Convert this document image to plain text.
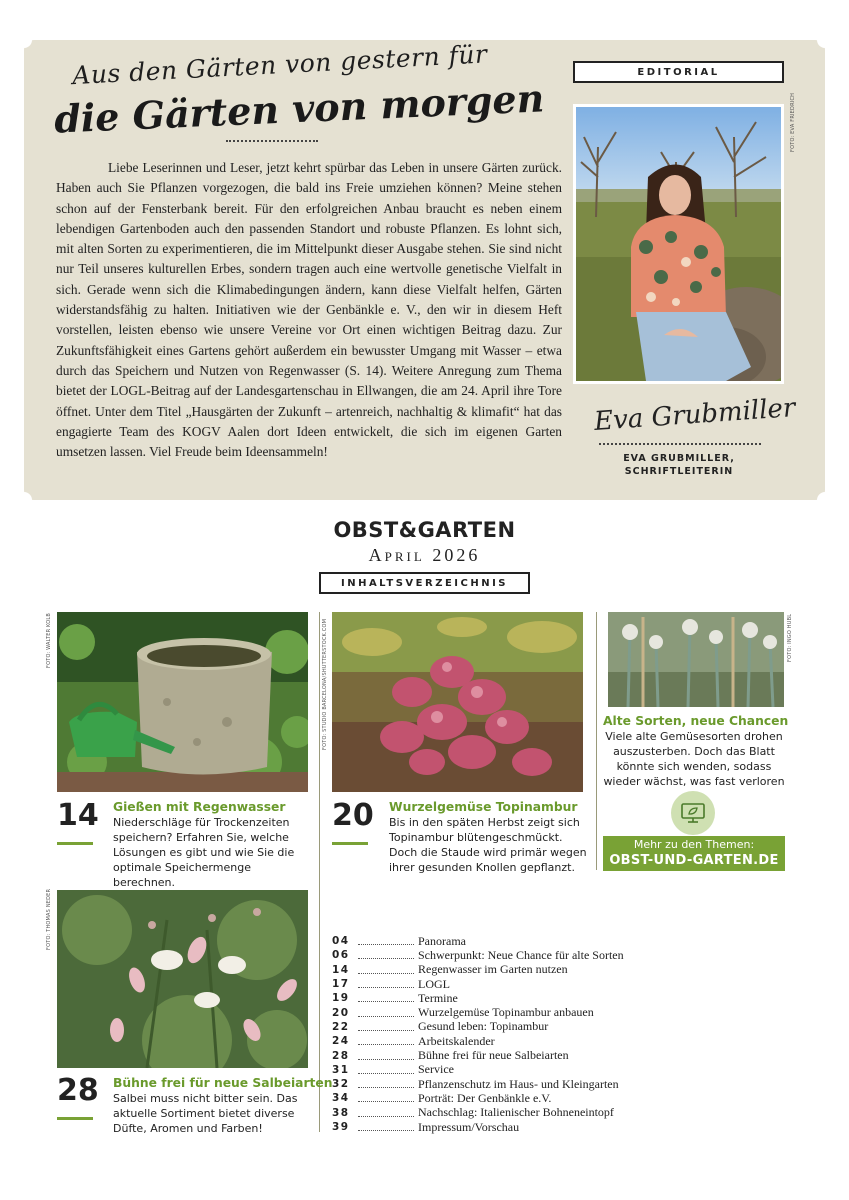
Aus den Gärten von gestern für
die Gärten von morgen

Liebe Leserinnen und Leser, jetzt kehrt spürbar das Leben in unsere Gärten zurück. Haben auch Sie Pflanzen vorgezogen, die bald ins Freie umziehen können? Meine stehen schon auf der Fensterbank bereit. Für den erfolgreichen Anbau braucht es neben einem lebendigen Gartenboden auch den passenden Standort und robuste Pflanzen. Es lohnt sich, mit alten Sorten zu experimentieren, die im Mittelpunkt dieser Ausgabe stehen. Sie sind nicht nur Teil unseres kulturellen Erbes, sondern tragen auch eine wertvolle genetische Vielfalt in sich. Gerade wenn sich die Klimabedingungen ändern, kann diese Vielfalt helfen, Gärten widerstandsfähig zu halten. Initiativen wie der Genbänkle e. V., den wir in diesem Heft vorstellen, leisten ebenso wie unsere Vereine vor Ort einen wichtigen Beitrag dazu. Zur Zukunftsfähigkeit eines Gartens gehört außerdem ein bewusster Umgang mit Wasser – etwa durch das Speichern und Nutzen von Regenwasser (S. 14). Weitere Anregung zum Thema bietet der LOGL-Beitrag auf der Landesgartenschau in Ellwangen, die am 24. April ihre Tore öffnet. Unter dem Titel „Hausgärten der Zukunft – artenreich, nachhaltig & klimafit“ hat das engagierte Team des KOGV Aalen dort Ideen entwickelt, die sich im eigenen Garten umsetzen lassen. Viel Freude beim Ideensammeln!

EDITORIAL
FOTO: EVA FRIEDRICH
Eva Grubmiller
EVA GRUBMILLER,
SCHRIFTLEITERIN
OBST&GARTEN
April 2026
INHALTSVERZEICHNIS
FOTO: WALTER KOLB
14 Gießen mit Regenwasser
Niederschläge für Trockenzeiten speichern? Erfahren Sie, welche Lösungen es gibt und wie Sie die optimale Speichermenge berechnen.
FOTO: STUDIO BARCELONA/SHUTTERSTOCK.COM
20 Wurzelgemüse Topinambur
Bis in den späten Herbst zeigt sich Topinambur blütengeschmückt. Doch die Staude wird primär wegen ihrer gesunden Knollen gepflanzt.
FOTO: INGO HUBL
Alte Sorten, neue Chancen
Viele alte Gemüsesorten drohen auszusterben. Doch das Blatt könnte sich wenden, sodass wieder wächst, was fast verloren
Mehr zu den Themen:
OBST-UND-GARTEN.DE
FOTO: THOMAS NEDER
28 Bühne frei für neue Salbeiarten
Salbei muss nicht bitter sein. Das aktuelle Sortiment bietet diverse Düfte, Aromen und Farben!
04	Panorama
06	Schwerpunkt: Neue Chance für alte Sorten
14	Regenwasser im Garten nutzen
17	LOGL
19	Termine
20	Wurzelgemüse Topinambur anbauen
22	Gesund leben: Topinambur
24	Arbeitskalender
28	Bühne frei für neue Salbeiarten
31	Service
32	Pflanzenschutz im Haus- und Kleingarten
34	Porträt: Der Genbänkle e.V.
38	Nachschlag: Italienischer Bohneneintopf
39	Impressum/Vorschau
